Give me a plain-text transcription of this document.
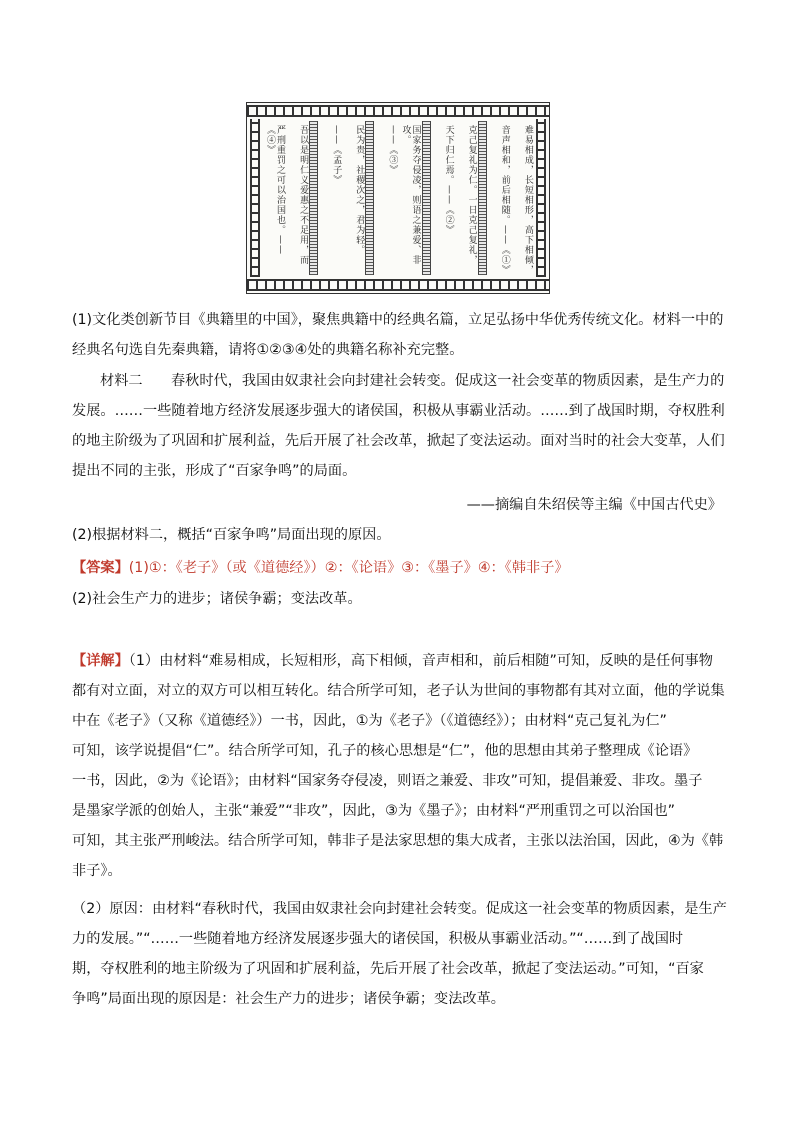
难易相成，长短相形，高下相倾，
音声相和，前后相随。——《①》
克己复礼为仁。一日克己复礼，
天下归仁焉。——《②》
国家务夺侵凌，则语之兼爱、非攻。
——《③》
民为贵，社稷次之，君为轻。
——《孟子》
吾以是明仁义爱惠之不足用，而
严刑重罚之可以治国也。——《④》
(1)文化类创新节目《典籍里的中国》，聚焦典籍中的经典名篇，立足弘扬中华优秀传统文化。材料一中的
经典名句选自先秦典籍，请将①②③④处的典籍名称补充完整。
材料二　　春秋时代，我国由奴隶社会向封建社会转变。促成这一社会变革的物质因素，是生产力的
发展。……一些随着地方经济发展逐步强大的诸侯国，积极从事霸业活动。……到了战国时期，夺权胜利
的地主阶级为了巩固和扩展利益，先后开展了社会改革，掀起了变法运动。面对当时的社会大变革，人们
提出不同的主张，形成了“百家争鸣”的局面。
——摘编自朱绍侯等主编《中国古代史》
(2)根据材料二，概括“百家争鸣”局面出现的原因。
【答案】(1)①：《老子》（或《道德经》）②：《论语》③：《墨子》④：《韩非子》
(2)社会生产力的进步；诸侯争霸；变法改革。
【详解】（1）由材料“难易相成，长短相形，高下相倾，音声相和，前后相随”可知，反映的是任何事物
都有对立面，对立的双方可以相互转化。结合所学可知，老子认为世间的事物都有其对立面，他的学说集
中在《老子》（又称《道德经》）一书，因此，①为《老子》（《道德经》）；由材料“克己复礼为仁”
可知，该学说提倡“仁”。结合所学可知，孔子的核心思想是“仁”，他的思想由其弟子整理成《论语》
一书，因此，②为《论语》；由材料“国家务夺侵凌，则语之兼爱、非攻”可知，提倡兼爱、非攻。墨子
是墨家学派的创始人，主张“兼爱”“非攻”，因此，③为《墨子》；由材料“严刑重罚之可以治国也”
可知，其主张严刑峻法。结合所学可知，韩非子是法家思想的集大成者，主张以法治国，因此，④为《韩
非子》。
（2）原因：由材料“春秋时代，我国由奴隶社会向封建社会转变。促成这一社会变革的物质因素，是生产
力的发展。”“……一些随着地方经济发展逐步强大的诸侯国，积极从事霸业活动。”“……到了战国时
期，夺权胜利的地主阶级为了巩固和扩展利益，先后开展了社会改革，掀起了变法运动。”可知，“百家
争鸣”局面出现的原因是：社会生产力的进步；诸侯争霸；变法改革。
